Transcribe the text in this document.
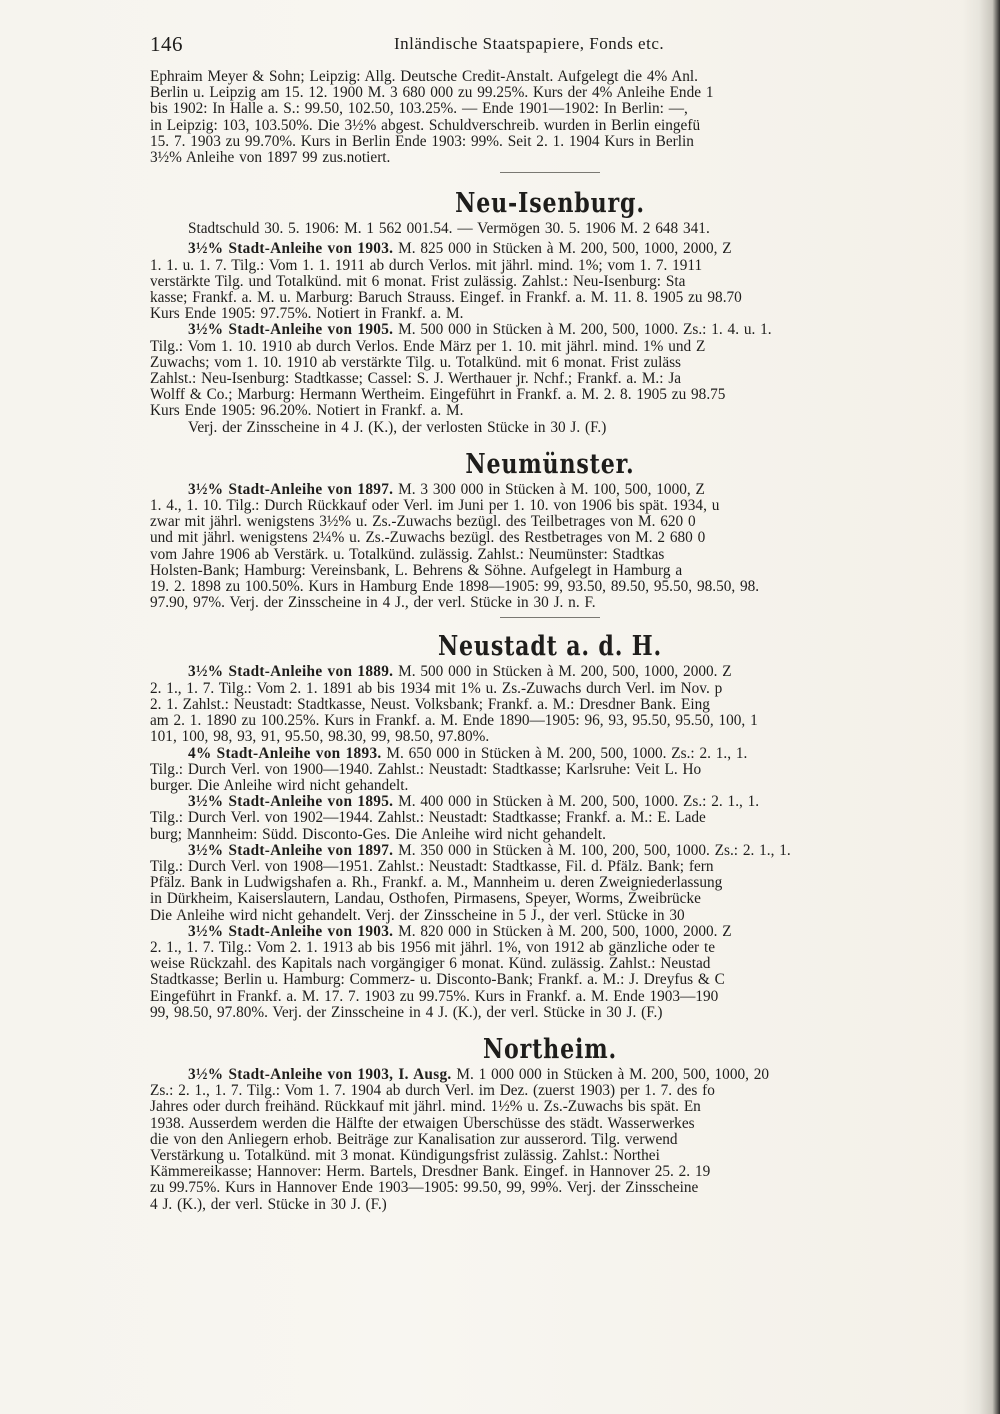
146	Inländische Staatspapiere, Fonds etc.

Ephraim Meyer & Sohn; Leipzig: Allg. Deutsche Credit-Anstalt. Aufgelegt die 4% Anl.

Berlin u. Leipzig am 15. 12. 1900 M. 3 680 000 zu 99.25%. Kurs der 4% Anleihe Ende 1

bis 1902: In Halle a. S.: 99.50, 102.50, 103.25%. — Ende 1901—1902: In Berlin: —,

in Leipzig: 103, 103.50%. Die 3½% abgest. Schuldverschreib. wurden in Berlin eingefü

15. 7. 1903 zu 99.70%. Kurs in Berlin Ende 1903: 99%. Seit 2. 1. 1904 Kurs in Berlin

3½% Anleihe von 1897 99 zus.notiert.

Neu-Isenburg.

Stadtschuld 30. 5. 1906: M. 1 562 001.54. — Vermögen 30. 5. 1906 M. 2 648 341.

3½% Stadt-Anleihe von 1903. M. 825 000 in Stücken à M. 200, 500, 1000, 2000, Z

1. 1. u. 1. 7. Tilg.: Vom 1. 1. 1911 ab durch Verlos. mit jährl. mind. 1%; vom 1. 7. 1911

verstärkte Tilg. und Totalkünd. mit 6 monat. Frist zulässig. Zahlst.: Neu-Isenburg: Sta

kasse; Frankf. a. M. u. Marburg: Baruch Strauss. Eingef. in Frankf. a. M. 11. 8. 1905 zu 98.70

Kurs Ende 1905: 97.75%. Notiert in Frankf. a. M.

3½% Stadt-Anleihe von 1905. M. 500 000 in Stücken à M. 200, 500, 1000. Zs.: 1. 4. u. 1.

Tilg.: Vom 1. 10. 1910 ab durch Verlos. Ende März per 1. 10. mit jährl. mind. 1% und Z

Zuwachs; vom 1. 10. 1910 ab verstärkte Tilg. u. Totalkünd. mit 6 monat. Frist zuläss

Zahlst.: Neu-Isenburg: Stadtkasse; Cassel: S. J. Werthauer jr. Nchf.; Frankf. a. M.: Ja

Wolff & Co.; Marburg: Hermann Wertheim. Eingeführt in Frankf. a. M. 2. 8. 1905 zu 98.75

Kurs Ende 1905: 96.20%. Notiert in Frankf. a. M.

Verj. der Zinsscheine in 4 J. (K.), der verlosten Stücke in 30 J. (F.)

Neumünster.

3½% Stadt-Anleihe von 1897. M. 3 300 000 in Stücken à M. 100, 500, 1000, Z

1. 4., 1. 10. Tilg.: Durch Rückkauf oder Verl. im Juni per 1. 10. von 1906 bis spät. 1934, u

zwar mit jährl. wenigstens 3½% u. Zs.-Zuwachs bezügl. des Teilbetrages von M. 620 0

und mit jährl. wenigstens 2¼% u. Zs.-Zuwachs bezügl. des Restbetrages von M. 2 680 0

vom Jahre 1906 ab Verstärk. u. Totalkünd. zulässig. Zahlst.: Neumünster: Stadtkas

Holsten-Bank; Hamburg: Vereinsbank, L. Behrens & Söhne. Aufgelegt in Hamburg a

19. 2. 1898 zu 100.50%. Kurs in Hamburg Ende 1898—1905: 99, 93.50, 89.50, 95.50, 98.50, 98.

97.90, 97%. Verj. der Zinsscheine in 4 J., der verl. Stücke in 30 J. n. F.

Neustadt a. d. H.

3½% Stadt-Anleihe von 1889. M. 500 000 in Stücken à M. 200, 500, 1000, 2000. Z

2. 1., 1. 7. Tilg.: Vom 2. 1. 1891 ab bis 1934 mit 1% u. Zs.-Zuwachs durch Verl. im Nov. p

2. 1. Zahlst.: Neustadt: Stadtkasse, Neust. Volksbank; Frankf. a. M.: Dresdner Bank. Eing

am 2. 1. 1890 zu 100.25%. Kurs in Frankf. a. M. Ende 1890—1905: 96, 93, 95.50, 95.50, 100, 1

101, 100, 98, 93, 91, 95.50, 98.30, 99, 98.50, 97.80%.

4% Stadt-Anleihe von 1893. M. 650 000 in Stücken à M. 200, 500, 1000. Zs.: 2. 1., 1.

Tilg.: Durch Verl. von 1900—1940. Zahlst.: Neustadt: Stadtkasse; Karlsruhe: Veit L. Ho

burger. Die Anleihe wird nicht gehandelt.

3½% Stadt-Anleihe von 1895. M. 400 000 in Stücken à M. 200, 500, 1000. Zs.: 2. 1., 1.

Tilg.: Durch Verl. von 1902—1944. Zahlst.: Neustadt: Stadtkasse; Frankf. a. M.: E. Lade

burg; Mannheim: Südd. Disconto-Ges. Die Anleihe wird nicht gehandelt.

3½% Stadt-Anleihe von 1897. M. 350 000 in Stücken à M. 100, 200, 500, 1000. Zs.: 2. 1., 1.

Tilg.: Durch Verl. von 1908—1951. Zahlst.: Neustadt: Stadtkasse, Fil. d. Pfälz. Bank; fern

Pfälz. Bank in Ludwigshafen a. Rh., Frankf. a. M., Mannheim u. deren Zweigniederlassung

in Dürkheim, Kaiserslautern, Landau, Osthofen, Pirmasens, Speyer, Worms, Zweibrücke

Die Anleihe wird nicht gehandelt. Verj. der Zinsscheine in 5 J., der verl. Stücke in 30

3½% Stadt-Anleihe von 1903. M. 820 000 in Stücken à M. 200, 500, 1000, 2000. Z

2. 1., 1. 7. Tilg.: Vom 2. 1. 1913 ab bis 1956 mit jährl. 1%, von 1912 ab gänzliche oder te

weise Rückzahl. des Kapitals nach vorgängiger 6 monat. Künd. zulässig. Zahlst.: Neustad

Stadtkasse; Berlin u. Hamburg: Commerz- u. Disconto-Bank; Frankf. a. M.: J. Dreyfus & C

Eingeführt in Frankf. a. M. 17. 7. 1903 zu 99.75%. Kurs in Frankf. a. M. Ende 1903—190

99, 98.50, 97.80%. Verj. der Zinsscheine in 4 J. (K.), der verl. Stücke in 30 J. (F.)

Northeim.

3½% Stadt-Anleihe von 1903, I. Ausg. M. 1 000 000 in Stücken à M. 200, 500, 1000, 20

Zs.: 2. 1., 1. 7. Tilg.: Vom 1. 7. 1904 ab durch Verl. im Dez. (zuerst 1903) per 1. 7. des fo

Jahres oder durch freihänd. Rückkauf mit jährl. mind. 1½% u. Zs.-Zuwachs bis spät. En

1938. Ausserdem werden die Hälfte der etwaigen Überschüsse des städt. Wasserwerkes

die von den Anliegern erhob. Beiträge zur Kanalisation zur ausserord. Tilg. verwend

Verstärkung u. Totalkünd. mit 3 monat. Kündigungsfrist zulässig. Zahlst.: Northei

Kämmereikasse; Hannover: Herm. Bartels, Dresdner Bank. Eingef. in Hannover 25. 2. 19

zu 99.75%. Kurs in Hannover Ende 1903—1905: 99.50, 99, 99%. Verj. der Zinsscheine

4 J. (K.), der verl. Stücke in 30 J. (F.)
